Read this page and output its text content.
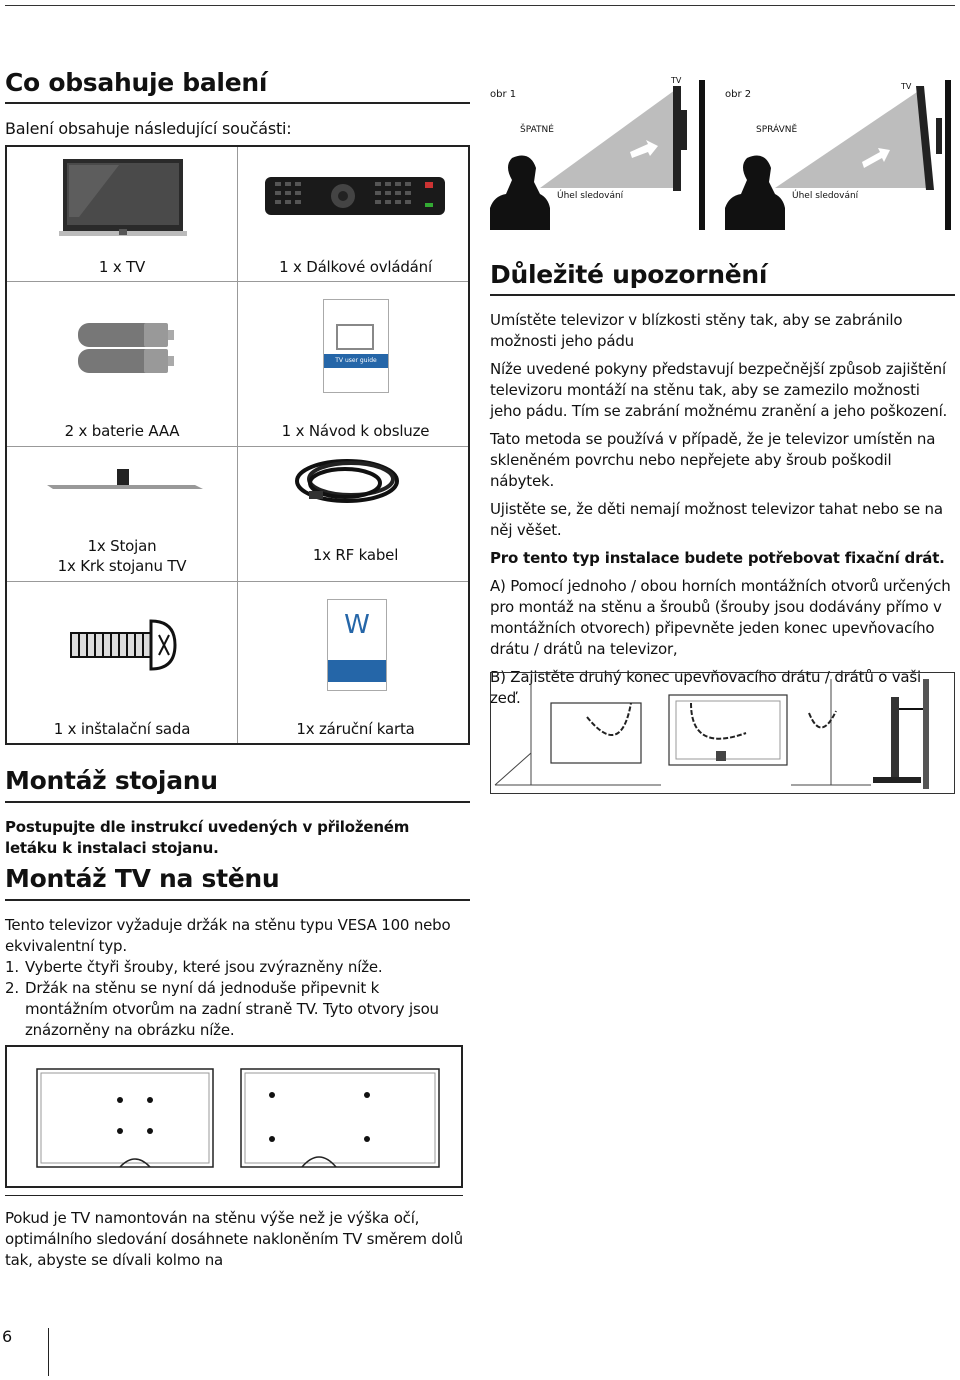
Co obsahuje balení
Balení obsahuje následující součásti:
1 x TV	1 x Dálkové ovládání
2 x baterie AAA
TV user guide
1 x Návod k obsluze
1x Stojan
1x Krk stojanu TV
1x RF kabel
1 x inštalační sada
W
1x záruční karta
Montáž stojanu
Postupujte dle instrukcí uvedených v přiloženém letáku k instalaci stojanu.
Montáž TV na stěnu
Tento televizor vyžaduje držák na stěnu typu VESA 100 nebo ekvivalentní typ.
1. Vyberte čtyři šrouby, které jsou zvýrazněny níže.
2. Držák na stěnu se nyní dá jednoduše připevnit k montážním otvorům na zadní straně TV. Tyto otvory jsou znázorněny na obrázku níže.
Pokud je TV namontován na stěnu výše než je výška očí, optimálního sledování dosáhnete nakloněním TV směrem dolů tak, abyste se dívali kolmo na
6
obr 1
TV
ŠPATNÉ
Úhel sledování
obr 2
TV
SPRÁVNĚ
Úhel sledování
Důležité upozornění

Umístěte televizor v blízkosti stěny tak, aby se zabránilo možnosti jeho pádu

Níže uvedené pokyny představují bezpečnější způsob zajištění televizoru montáží na stěnu tak, aby se zamezilo možnosti jeho pádu. Tím se zabrání možnému zranění a jeho poškození.

Tato metoda se používá v případě, že je televizor umístěn na skleněném povrchu nebo nepřejete aby šroub poškodil nábytek.

Ujistěte se, že děti nemají možnost televizor tahat nebo se na něj věšet.

Pro tento typ instalace budete potřebovat fixační drát.

A) Pomocí jednoho / obou horních montážních otvorů určených pro montáž na stěnu a šroubů (šrouby jsou dodávány přímo v montážních otvorech) připevněte jeden konec upevňovacího drátu / drátů na televizor,

B) Zajistěte druhý konec upevňovacího drátu / drátů o vaši zeď.
